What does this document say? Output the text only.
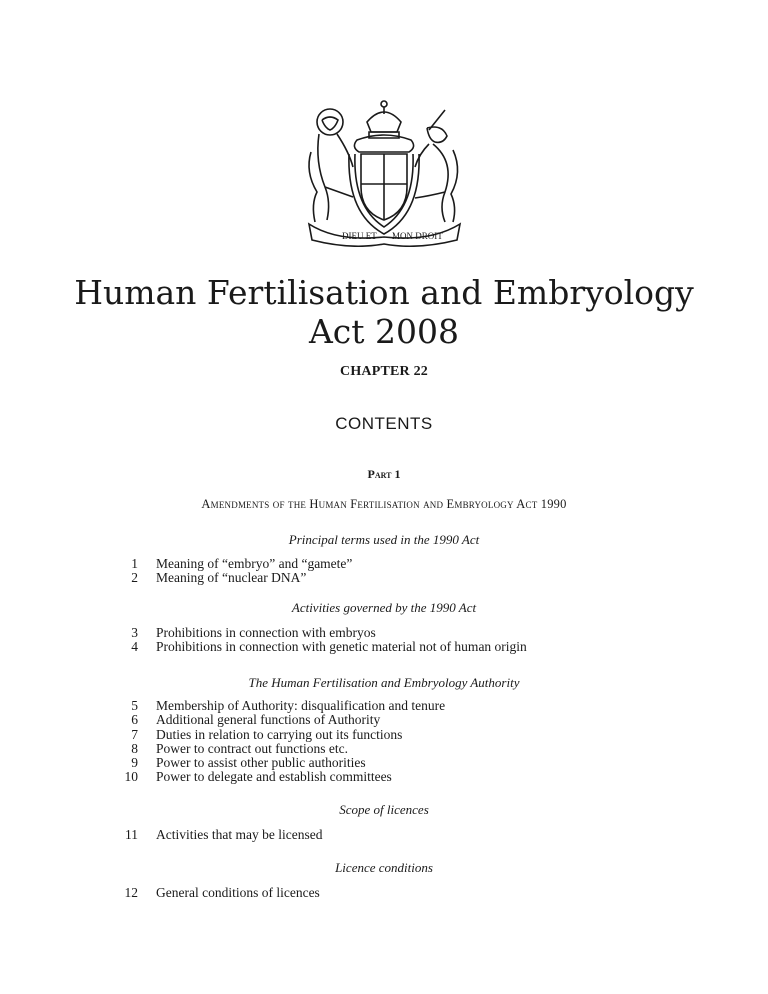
DIEU ET MON DROIT
Human Fertilisation and Embryology
Act 2008
CHAPTER 22
CONTENTS
Part 1
Amendments of the Human Fertilisation and Embryology Act 1990
Principal terms used in the 1990 Act
1 Meaning of “embryo” and “gamete”
2 Meaning of “nuclear DNA”
Activities governed by the 1990 Act
3 Prohibitions in connection with embryos
4 Prohibitions in connection with genetic material not of human origin
The Human Fertilisation and Embryology Authority
5 Membership of Authority: disqualification and tenure
6 Additional general functions of Authority
7 Duties in relation to carrying out its functions
8 Power to contract out functions etc.
9 Power to assist other public authorities
10 Power to delegate and establish committees
Scope of licences
11 Activities that may be licensed
Licence conditions
12 General conditions of licences
